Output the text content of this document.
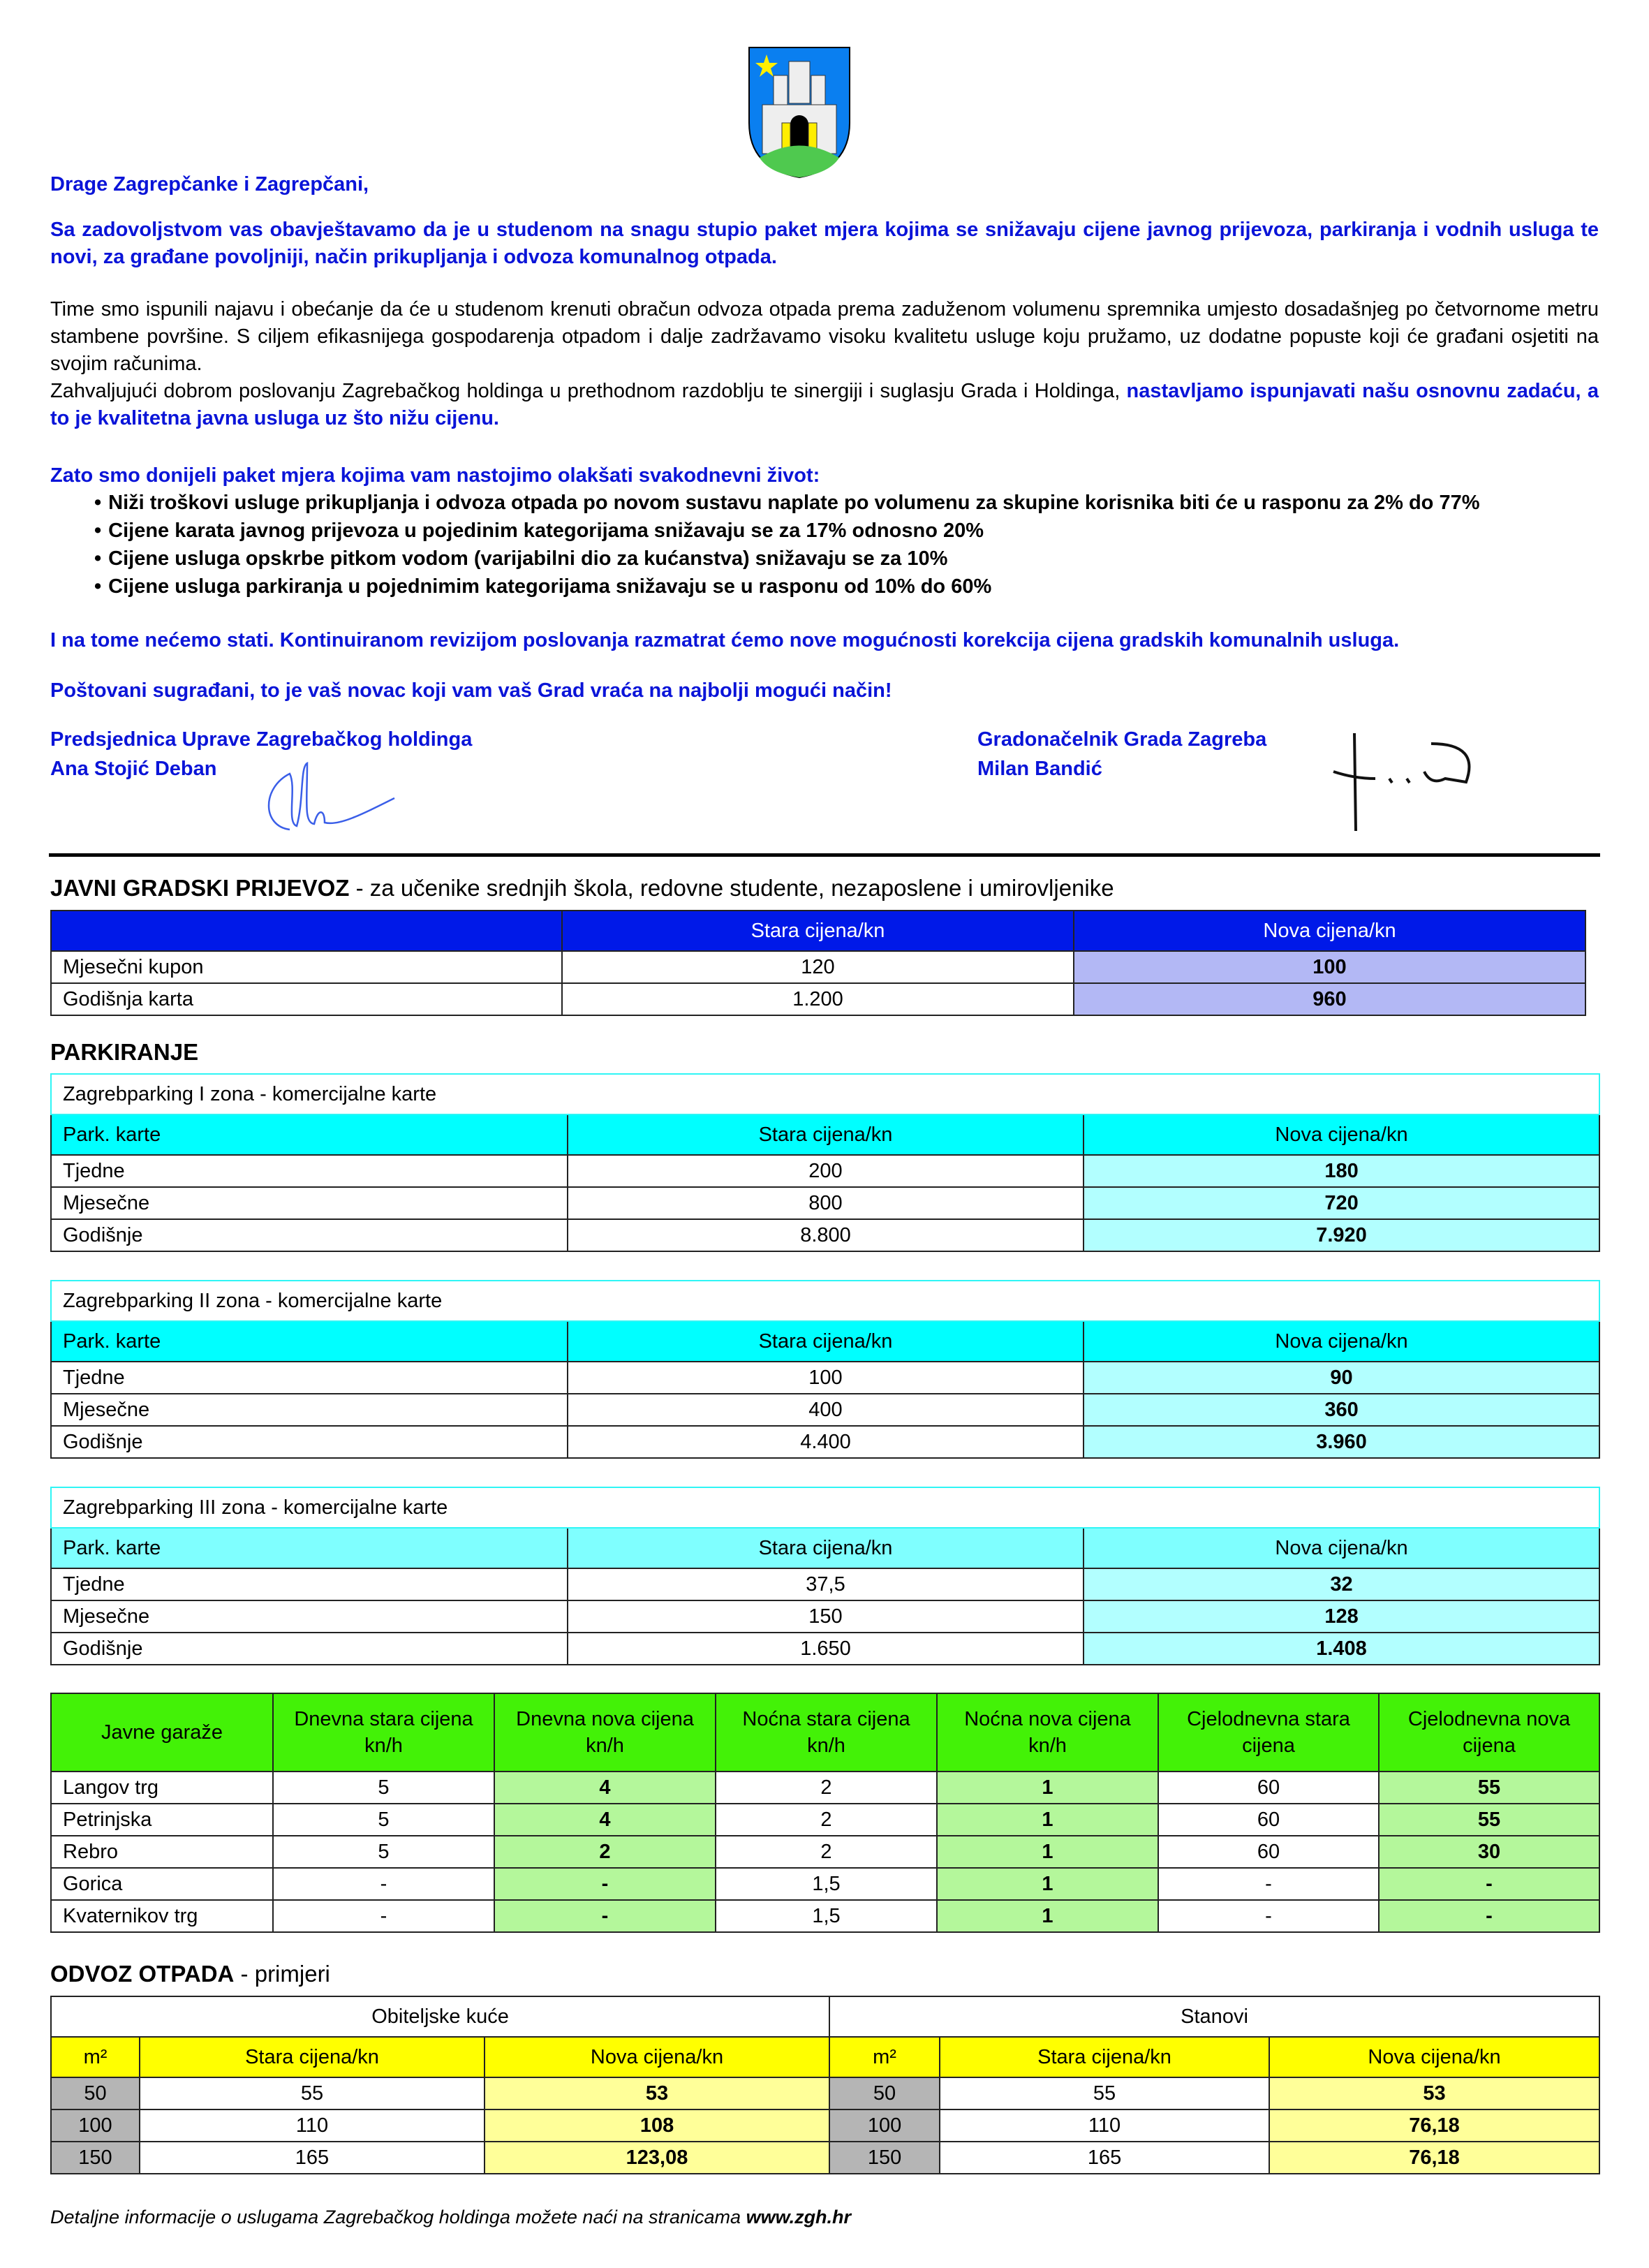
Drage Zagrepčanke i Zagrepčani,
Sa zadovoljstvom vas obavještavamo da je u studenom na snagu stupio paket mjera kojima se snižavaju cijene javnog prijevoza, parkiranja i vodnih usluga te novi, za građane povoljniji, način prikupljanja i odvoza komunalnog otpada.
Time smo ispunili najavu i obećanje da će u studenom krenuti obračun odvoza otpada prema zaduženom volumenu spremnika umjesto dosadašnjeg po četvornome metru stambene površine. S ciljem efikasnijega gospodarenja otpadom i dalje zadržavamo visoku kvalitetu usluge koju pružamo, uz dodatne popuste koji će građani osjetiti na svojim računima.
Zahvaljujući dobrom poslovanju Zagrebačkog holdinga u prethodnom razdoblju te sinergiji i suglasju Grada i Holdinga, nastavljamo ispunjavati našu osnovnu zadaću, a to je kvalitetna javna usluga uz što nižu cijenu.
Zato smo donijeli paket mjera kojima vam nastojimo olakšati svakodnevni život:
• Niži troškovi usluge prikupljanja i odvoza otpada po novom sustavu naplate po volumenu za skupine korisnika biti će u rasponu za 2% do 77%
• Cijene karata javnog prijevoza u pojedinim kategorijama snižavaju se za 17% odnosno 20%
• Cijene usluga opskrbe pitkom vodom (varijabilni dio za kućanstva) snižavaju se za 10%
• Cijene usluga parkiranja u pojednimim kategorijama snižavaju se u rasponu od 10% do 60%
I na tome nećemo stati. Kontinuiranom revizijom poslovanja razmatrat ćemo nove mogućnosti korekcija cijena gradskih komunalnih usluga.
Poštovani sugrađani, to je vaš novac koji vam vaš Grad vraća na najbolji mogući način!
Predsjednica Uprave Zagrebačkog holdinga
Ana Stojić Deban
Gradonačelnik Grada Zagreba
Milan Bandić
JAVNI GRADSKI PRIJEVOZ - za učenike srednjih škola, redovne studente, nezaposlene i umirovljenike
	Stara cijena/kn	Nova cijena/kn
Mjesečni kupon	120	100
Godišnja karta	1.200	960
PARKIRANJE
Zagrebparking I zona - komercijalne karte		
Park. karte	Stara cijena/kn	Nova cijena/kn
Tjedne	200	180
Mjesečne	800	720
Godišnje	8.800	7.920
Zagrebparking II zona - komercijalne karte		
Park. karte	Stara cijena/kn	Nova cijena/kn
Tjedne	100	90
Mjesečne	400	360
Godišnje	4.400	3.960
Zagrebparking III zona - komercijalne karte		
Park. karte	Stara cijena/kn	Nova cijena/kn
Tjedne	37,5	32
Mjesečne	150	128
Godišnje	1.650	1.408
Javne garaže	Dnevna stara cijena kn/h	Dnevna nova cijena kn/h	Noćna stara cijena kn/h	Noćna nova cijena kn/h	Cjelodnevna stara cijena	Cjelodnevna nova cijena
Langov trg	5	4	2	1	60	55
Petrinjska	5	4	2	1	60	55
Rebro	5	2	2	1	60	30
Gorica	-	-	1,5	1	-	-
Kvaternikov trg	-	-	1,5	1	-	-
ODVOZ OTPADA - primjeri
Obiteljske kuće			Stanovi		
m²	Stara cijena/kn	Nova cijena/kn	m²	Stara cijena/kn	Nova cijena/kn
50	55	53	50	55	53
100	110	108	100	110	76,18
150	165	123,08	150	165	76,18
Detaljne informacije o uslugama Zagrebačkog holdinga možete naći na stranicama www.zgh.hr
